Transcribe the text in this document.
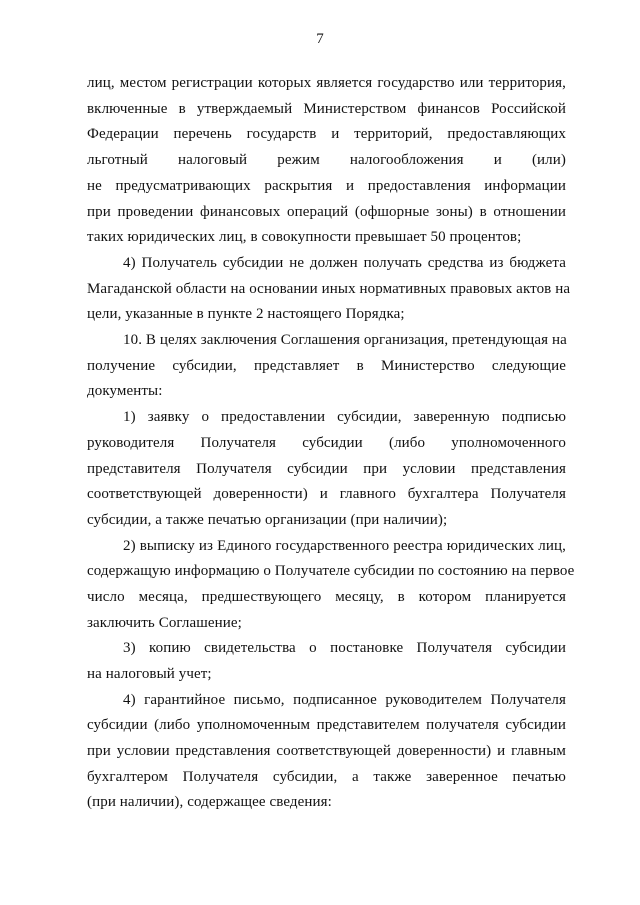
7
лиц, местом регистрации которых является государство или территория,
включенные в утверждаемый Министерством финансов Российской
Федерации перечень государств и территорий, предоставляющих
льготный налоговый режим налогообложения и (или)
не предусматривающих раскрытия и предоставления информации
при проведении финансовых операций (офшорные зоны) в отношении
таких юридических лиц, в совокупности превышает 50 процентов;
4) Получатель субсидии не должен получать средства из бюджета
Магаданской области на основании иных нормативных правовых актов на
цели, указанные в пункте 2 настоящего Порядка;
10. В целях заключения Соглашения организация, претендующая на
получение субсидии, представляет в Министерство следующие
документы:
1) заявку о предоставлении субсидии, заверенную подписью
руководителя Получателя субсидии (либо уполномоченного
представителя Получателя субсидии при условии представления
соответствующей доверенности) и главного бухгалтера Получателя
субсидии, а также печатью организации (при наличии);
2) выписку из Единого государственного реестра юридических лиц,
содержащую информацию о Получателе субсидии по состоянию на первое
число месяца, предшествующего месяцу, в котором планируется
заключить Соглашение;
3) копию свидетельства о постановке Получателя субсидии
на налоговый учет;
4) гарантийное письмо, подписанное руководителем Получателя
субсидии (либо уполномоченным представителем получателя субсидии
при условии представления соответствующей доверенности) и главным
бухгалтером Получателя субсидии, а также заверенное печатью
(при наличии), содержащее сведения:
